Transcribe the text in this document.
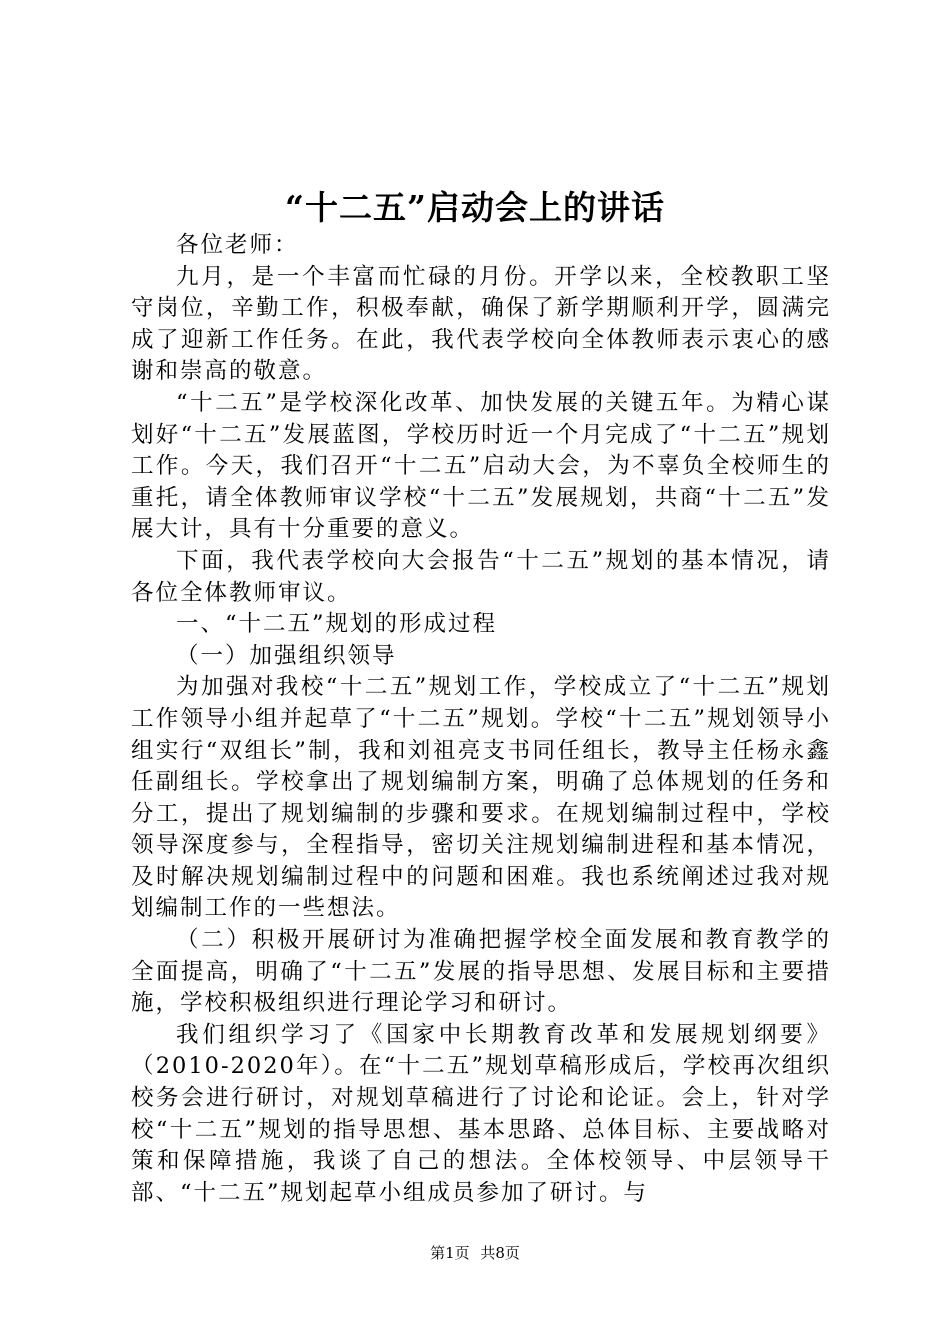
“十二五”启动会上的讲话

各位老师：

九月，是一个丰富而忙碌的月份。开学以来，全校教职工坚守岗位，辛勤工作，积极奉献，确保了新学期顺利开学，圆满完成了迎新工作任务。在此，我代表学校向全体教师表示衷心的感谢和崇高的敬意。

“十二五”是学校深化改革、加快发展的关键五年。为精心谋划好“十二五”发展蓝图，学校历时近一个月完成了“十二五”规划工作。今天，我们召开“十二五”启动大会，为不辜负全校师生的重托，请全体教师审议学校“十二五”发展规划，共商“十二五”发展大计，具有十分重要的意义。

下面，我代表学校向大会报告“十二五”规划的基本情况，请各位全体教师审议。

一、“十二五”规划的形成过程

（一）加强组织领导

为加强对我校“十二五”规划工作，学校成立了“十二五”规划工作领导小组并起草了“十二五”规划。学校“十二五”规划领导小组实行“双组长”制，我和刘祖亮支书同任组长，教导主任杨永鑫任副组长。学校拿出了规划编制方案，明确了总体规划的任务和分工，提出了规划编制的步骤和要求。在规划编制过程中，学校领导深度参与，全程指导，密切关注规划编制进程和基本情况，及时解决规划编制过程中的问题和困难。我也系统阐述过我对规划编制工作的一些想法。

（二）积极开展研讨为准确把握学校全面发展和教育教学的全面提高，明确了“十二五”发展的指导思想、发展目标和主要措施，学校积极组织进行理论学习和研讨。

我们组织学习了《国家中长期教育改革和发展规划纲要》（2010-2020年）。在“十二五”规划草稿形成后，学校再次组织校务会进行研讨，对规划草稿进行了讨论和论证。会上，针对学校“十二五”规划的指导思想、基本思路、总体目标、主要战略对策和保障措施，我谈了自己的想法。全体校领导、中层领导干部、“十二五”规划起草小组成员参加了研讨。与

第1页 共8页
